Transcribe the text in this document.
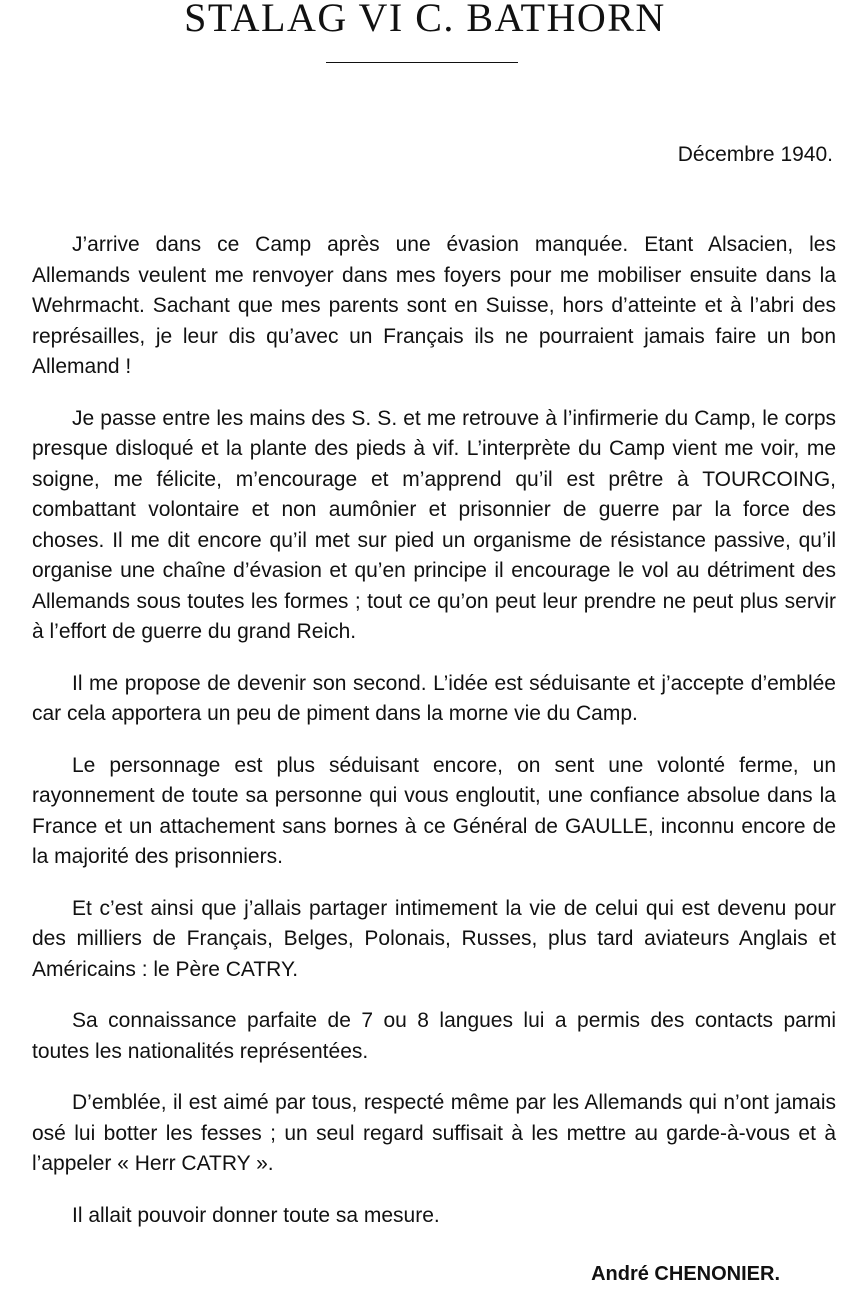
STALAG VI C. BATHORN
Décembre 1940.

J’arrive dans ce Camp après une évasion manquée. Etant Alsacien, les Allemands veulent me renvoyer dans mes foyers pour me mobiliser ensuite dans la Wehrmacht. Sachant que mes parents sont en Suisse, hors d’atteinte et à l’abri des représailles, je leur dis qu’avec un Français ils ne pourraient jamais faire un bon Allemand !

Je passe entre les mains des S. S. et me retrouve à l’infirmerie du Camp, le corps presque disloqué et la plante des pieds à vif. L’interprète du Camp vient me voir, me soigne, me félicite, m’encourage et m’apprend qu’il est prêtre à TOURCOING, combattant volontaire et non aumônier et prisonnier de guerre par la force des choses. Il me dit encore qu’il met sur pied un organisme de résistance passive, qu’il organise une chaîne d’évasion et qu’en principe il encourage le vol au détriment des Allemands sous toutes les formes ; tout ce qu’on peut leur prendre ne peut plus servir à l’effort de guerre du grand Reich.

Il me propose de devenir son second. L’idée est séduisante et j’accepte d’emblée car cela apportera un peu de piment dans la morne vie du Camp.

Le personnage est plus séduisant encore, on sent une volonté ferme, un rayonnement de toute sa personne qui vous engloutit, une confiance absolue dans la France et un attachement sans bornes à ce Général de GAULLE, inconnu encore de la majorité des prisonniers.

Et c’est ainsi que j’allais partager intimement la vie de celui qui est devenu pour des milliers de Français, Belges, Polonais, Russes, plus tard aviateurs Anglais et Américains : le Père CATRY.

Sa connaissance parfaite de 7 ou 8 langues lui a permis des contacts parmi toutes les nationalités représentées.

D’emblée, il est aimé par tous, respecté même par les Allemands qui n’ont jamais osé lui botter les fesses ; un seul regard suffisait à les mettre au garde-à-vous et à l’appeler « Herr CATRY ».

Il allait pouvoir donner toute sa mesure.

André CHENONIER.
